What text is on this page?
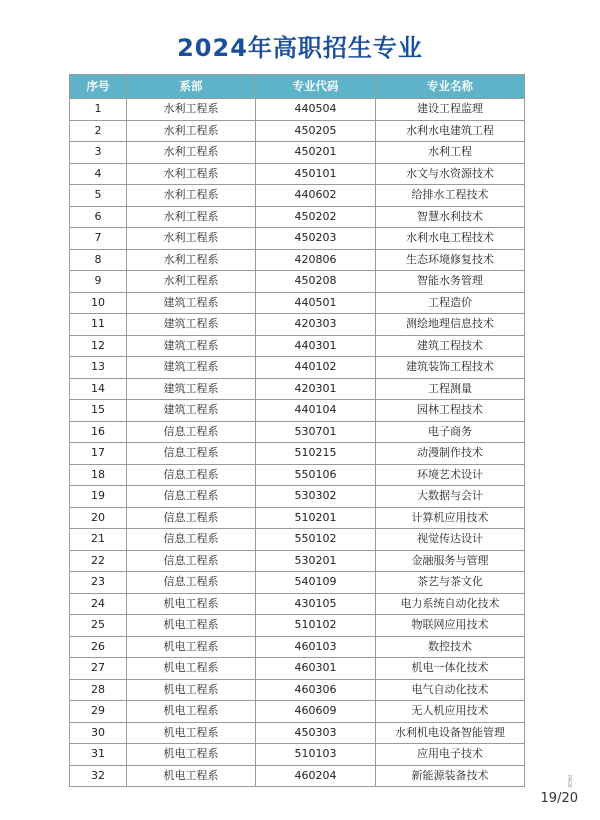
2024年高职招生专业
序号	系部	专业代码	专业名称
1	水利工程系	440504	建设工程监理
2	水利工程系	450205	水利水电建筑工程
3	水利工程系	450201	水利工程
4	水利工程系	450101	水文与水资源技术
5	水利工程系	440602	给排水工程技术
6	水利工程系	450202	智慧水利技术
7	水利工程系	450203	水利水电工程技术
8	水利工程系	420806	生态环境修复技术
9	水利工程系	450208	智能水务管理
10	建筑工程系	440501	工程造价
11	建筑工程系	420303	测绘地理信息技术
12	建筑工程系	440301	建筑工程技术
13	建筑工程系	440102	建筑装饰工程技术
14	建筑工程系	420301	工程测量
15	建筑工程系	440104	园林工程技术
16	信息工程系	530701	电子商务
17	信息工程系	510215	动漫制作技术
18	信息工程系	550106	环境艺术设计
19	信息工程系	530302	大数据与会计
20	信息工程系	510201	计算机应用技术
21	信息工程系	550102	视觉传达设计
22	信息工程系	530201	金融服务与管理
23	信息工程系	540109	茶艺与茶文化
24	机电工程系	430105	电力系统自动化技术
25	机电工程系	510102	物联网应用技术
26	机电工程系	460103	数控技术
27	机电工程系	460301	机电一体化技术
28	机电工程系	460306	电气自动化技术
29	机电工程系	460609	无人机应用技术
30	机电工程系	450303	水利机电设备智能管理
31	机电工程系	510103	应用电子技术
32	机电工程系	460204	新能源装备技术	PAGE
19/20
